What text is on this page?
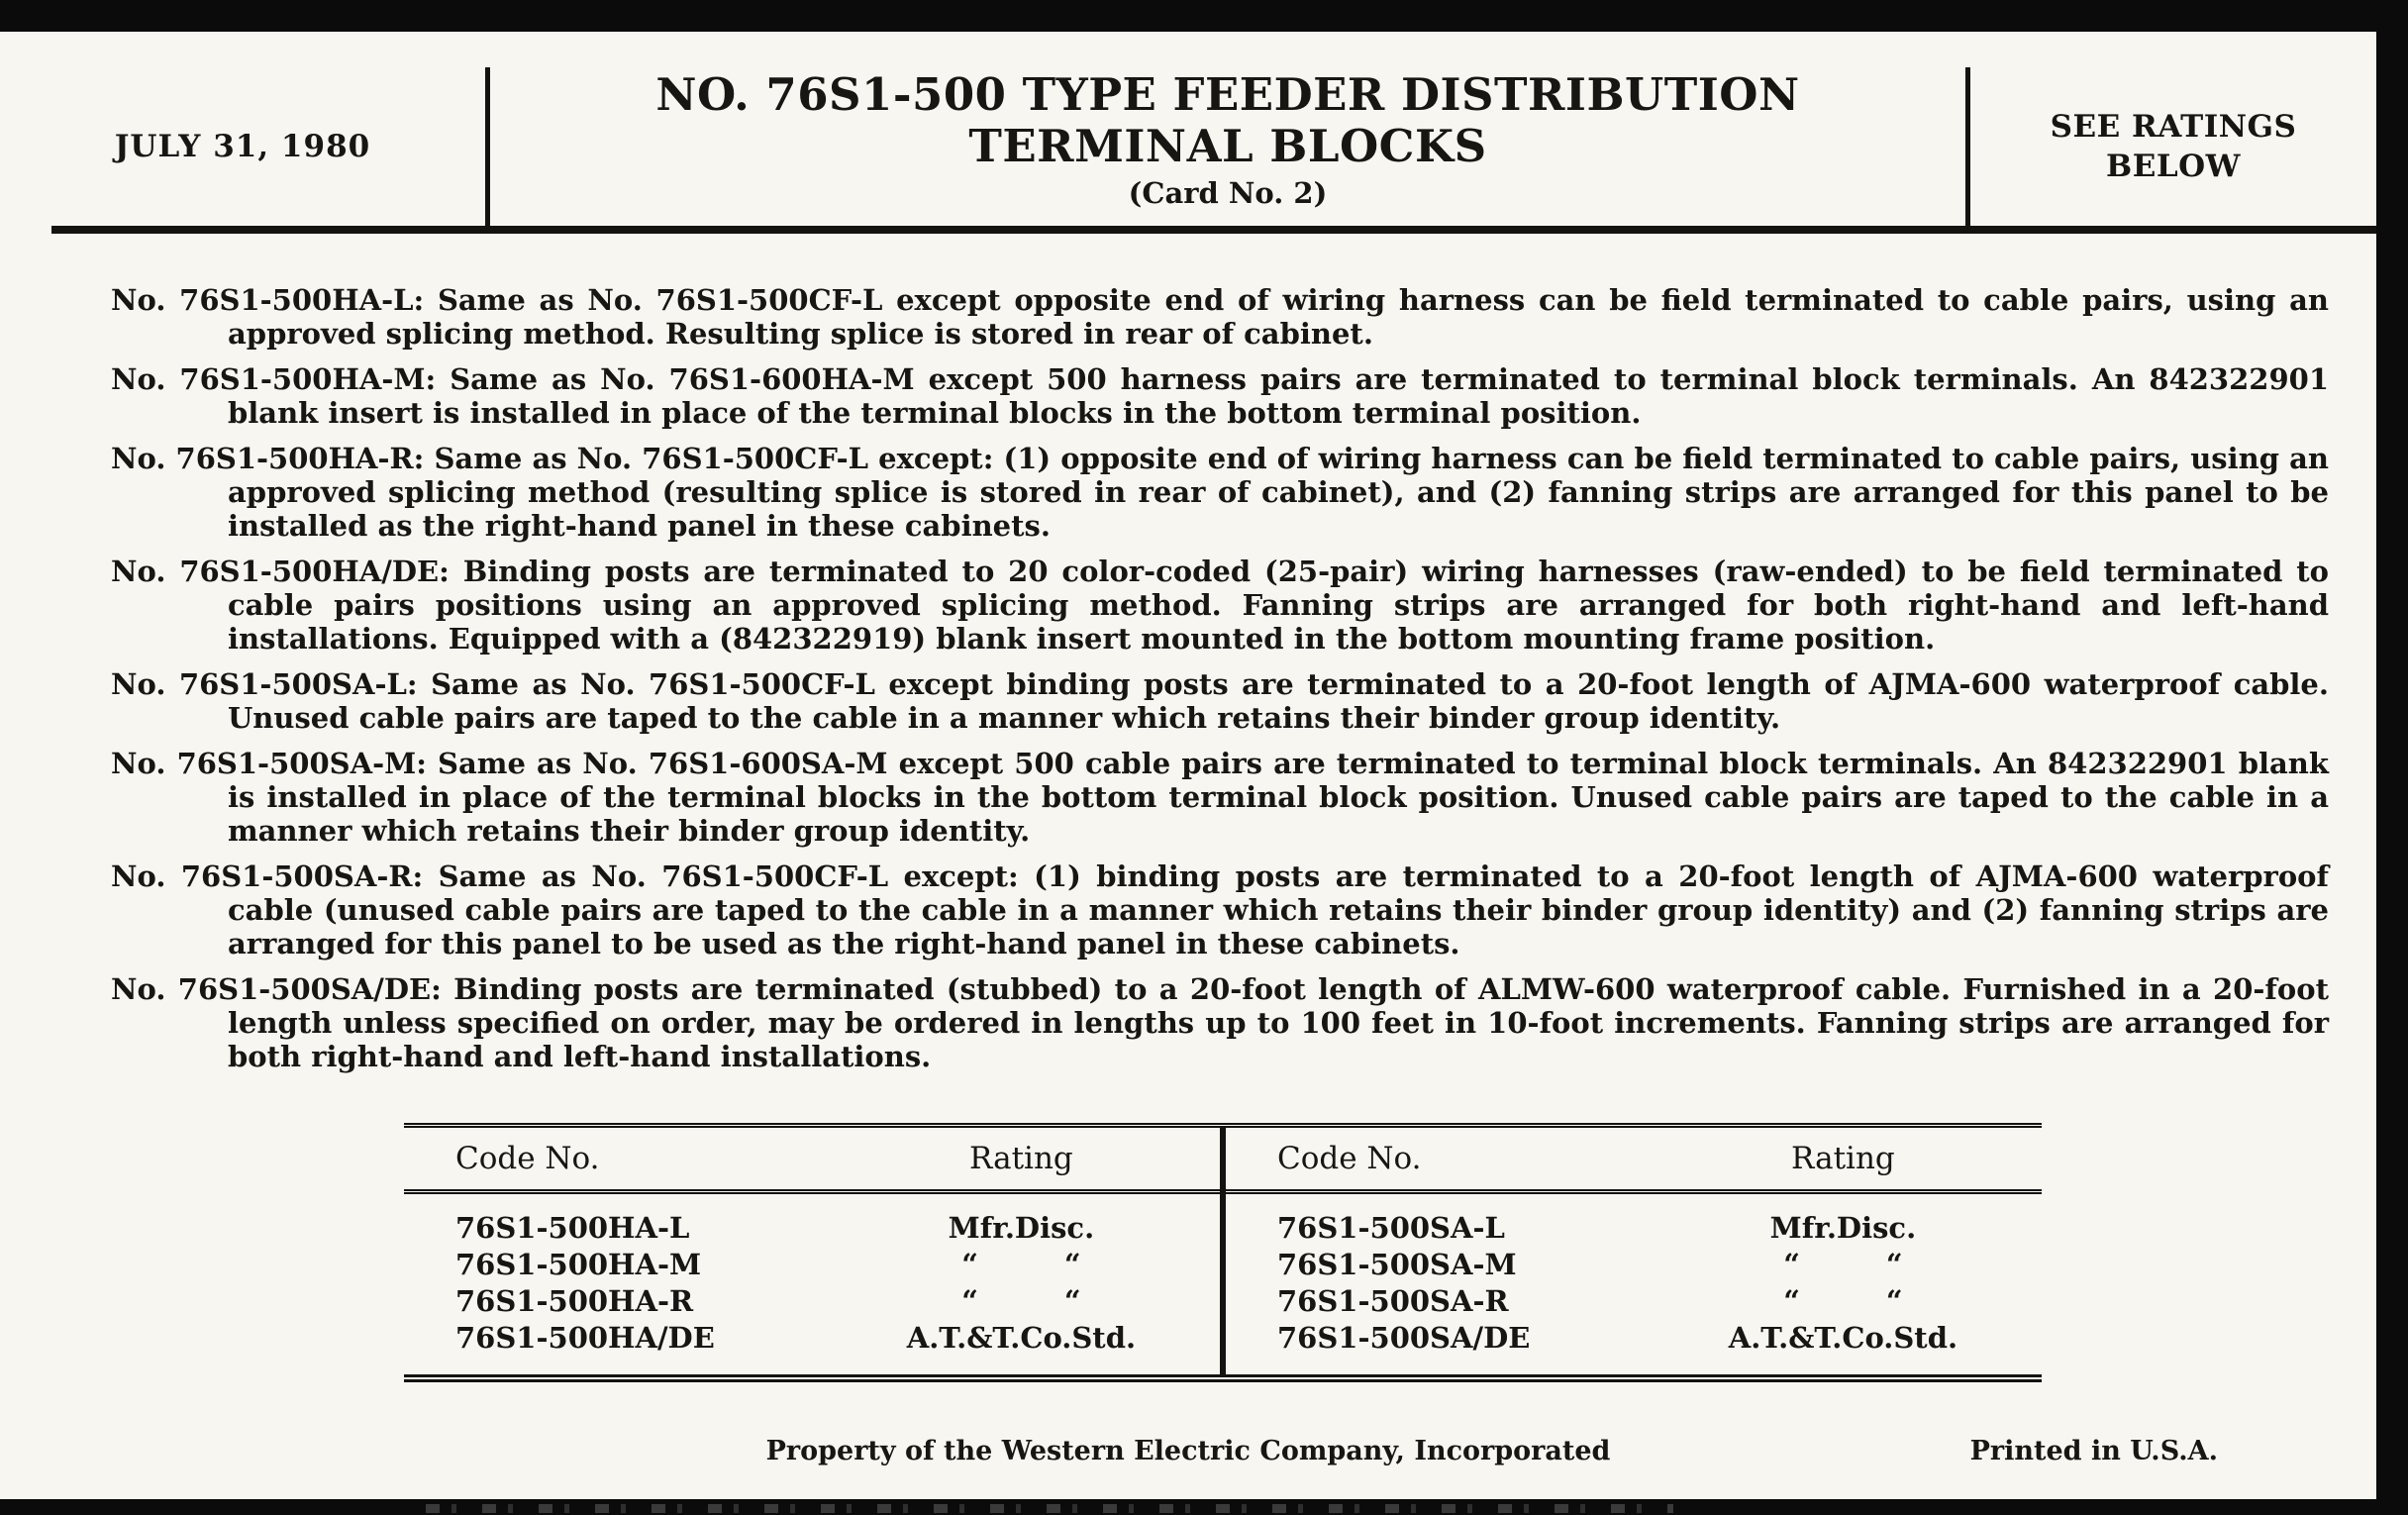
JULY 31, 1980
NO. 76S1-500 TYPE FEEDER DISTRIBUTION
TERMINAL BLOCKS
(Card No. 2)
SEE RATINGS
BELOW

No. 76S1-500HA-L: Same as No. 76S1-500CF-L except opposite end of wiring harness can be field terminated to cable pairs, using an approved splicing method. Resulting splice is stored in rear of cabinet.

No. 76S1-500HA-M: Same as No. 76S1-600HA-M except 500 harness pairs are terminated to terminal block terminals. An 842322901 blank insert is installed in place of the terminal blocks in the bottom terminal position.

No. 76S1-500HA-R: Same as No. 76S1-500CF-L except: (1) opposite end of wiring harness can be field terminated to cable pairs, using an approved splicing method (resulting splice is stored in rear of cabinet), and (2) fanning strips are arranged for this panel to be installed as the right-hand panel in these cabinets.

No. 76S1-500HA/DE: Binding posts are terminated to 20 color-coded (25-pair) wiring harnesses (raw-ended) to be field terminated to cable pairs positions using an approved splicing method. Fanning strips are arranged for both right-hand and left-hand installations. Equipped with a (842322919) blank insert mounted in the bottom mounting frame position.

No. 76S1-500SA-L: Same as No. 76S1-500CF-L except binding posts are terminated to a 20-foot length of AJMA-600 waterproof cable. Unused cable pairs are taped to the cable in a manner which retains their binder group identity.

No. 76S1-500SA-M: Same as No. 76S1-600SA-M except 500 cable pairs are terminated to terminal block terminals. An 842322901 blank is installed in place of the terminal blocks in the bottom terminal block position. Unused cable pairs are taped to the cable in a manner which retains their binder group identity.

No. 76S1-500SA-R: Same as No. 76S1-500CF-L except: (1) binding posts are terminated to a 20-foot length of AJMA-600 waterproof cable (unused cable pairs are taped to the cable in a manner which retains their binder group identity) and (2) fanning strips are arranged for this panel to be used as the right-hand panel in these cabinets.

No. 76S1-500SA/DE: Binding posts are terminated (stubbed) to a 20-foot length of ALMW-600 waterproof cable. Furnished in a 20-foot length unless specified on order, may be ordered in lengths up to 100 feet in 10-foot increments. Fanning strips are arranged for both right-hand and left-hand installations.

Code No.	Rating
76S1-500HA-L	Mfr.Disc.
76S1-500HA-M	“   “
76S1-500HA-R	“   “
76S1-500HA/DE	A.T.&T.Co.Std.
Code No.	Rating
76S1-500SA-L	Mfr.Disc.
76S1-500SA-M	“   “
76S1-500SA-R	“   “
76S1-500SA/DE	A.T.&T.Co.Std.
Property of the Western Electric Company, Incorporated	Printed in U.S.A.
